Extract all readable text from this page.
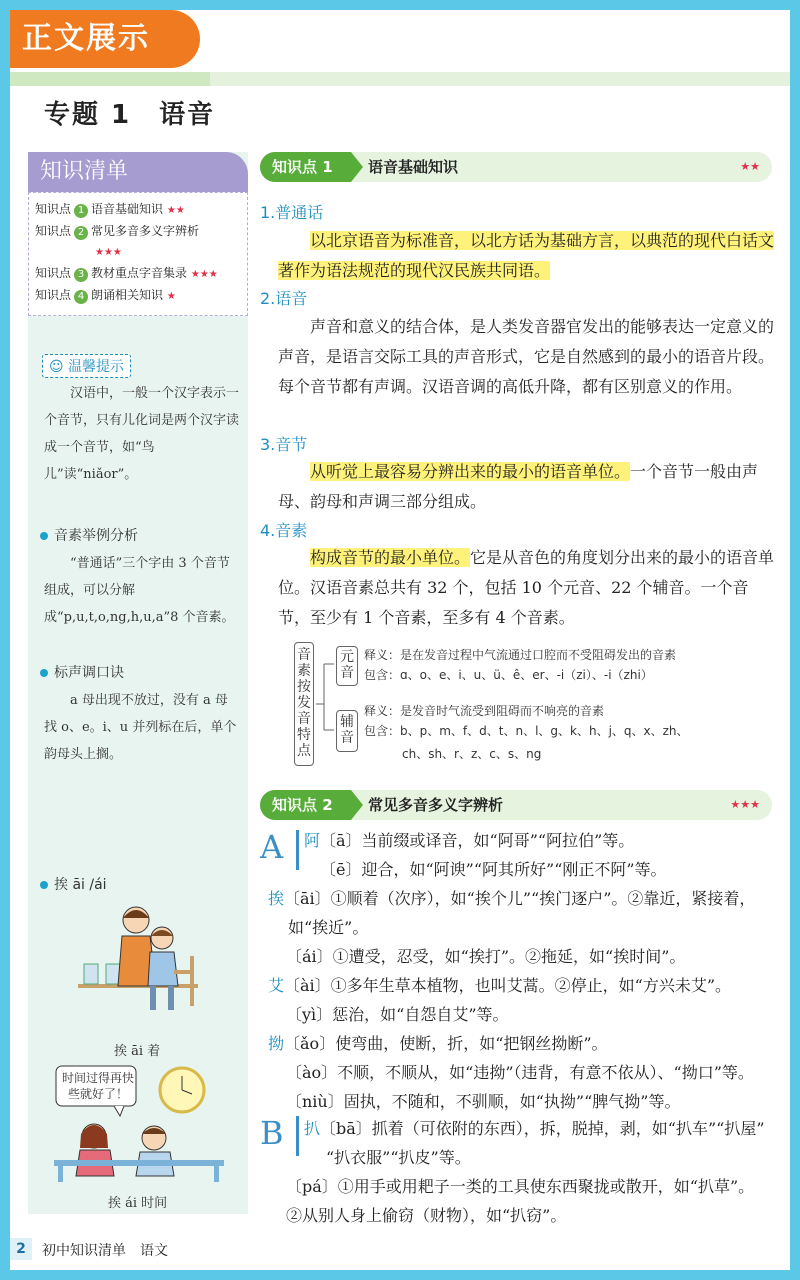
正文展示
专题 1　语音
知识清单
知识点 1 语音基础知识 ★★
知识点 2 常见多音多义字辨析
★★★
知识点 3 教材重点字音集录 ★★★
知识点 4 朗诵相关知识 ★
☺ 温馨提示
汉语中，一般一个汉字表示一个音节，只有儿化词是两个汉字读成一个音节，如“鸟儿”读“niǎor”。
音素举例分析
“普通话”三个字由 3 个音节组成，可以分解成“p,u,t,o,ng,h,u,a”8 个音素。
标声调口诀
a 母出现不放过，没有 a 母找 o、e。i、u 并列标在后，单个韵母头上搁。
挨 āi /ái
挨 āi 着
时间过得再快些就好了！
挨 ái 时间
知识点 1	语音基础知识	★★
1.普通话
以北京语音为标准音，以北方话为基础方言，以典范的现代白话文著作为语法规范的现代汉民族共同语。
2.语音
声音和意义的结合体，是人类发音器官发出的能够表达一定意义的声音，是语言交际工具的声音形式，它是自然感到的最小的语音片段。每个音节都有声调。汉语音调的高低升降，都有区别意义的作用。
3.音节
从听觉上最容易分辨出来的最小的语音单位。一个音节一般由声母、韵母和声调三部分组成。
4.音素
构成音节的最小单位。它是从音色的角度划分出来的最小的语音单位。汉语音素总共有 32 个，包括 10 个元音、22 个辅音。一个音节，至少有 1 个音素，至多有 4 个音素。
音素按发音特点
元音
释义：是在发音过程中气流通过口腔而不受阻碍发出的音素
包含：ɑ、o、e、i、u、ü、ê、er、-i（zi）、-i（zhi）
辅音
释义：是发音时气流受到阻碍而不响亮的音素
包含：b、p、m、f、d、t、n、l、g、k、h、j、q、x、zh、
ch、sh、r、z、c、s、ng
知识点 2	常见多音多义字辨析	★★★
A
B
阿〔ā〕当前缀或译音，如“阿哥”“阿拉伯”等。
〔ē〕迎合，如“阿谀”“阿其所好”“刚正不阿”等。
挨〔āi〕①顺着（次序），如“挨个儿”“挨门逐户”。②靠近，紧接着，
如“挨近”。
〔ái〕①遭受，忍受，如“挨打”。②拖延，如“挨时间”。
艾〔ài〕①多年生草本植物，也叫艾蒿。②停止，如“方兴未艾”。
〔yì〕惩治，如“自怨自艾”等。
拗〔ǎo〕使弯曲，使断，折，如“把钢丝拗断”。
〔ào〕不顺，不顺从，如“违拗”（违背，有意不依从）、“拗口”等。
〔niù〕固执，不随和，不驯顺，如“执拗”“脾气拗”等。
扒〔bā〕抓着（可依附的东西），拆，脱掉，剥，如“扒车”“扒屋”
“扒衣服”“扒皮”等。
〔pá〕①用手或用耙子一类的工具使东西聚拢或散开，如“扒草”。
②从别人身上偷窃（财物），如“扒窃”。
2	初中知识清单　语文
